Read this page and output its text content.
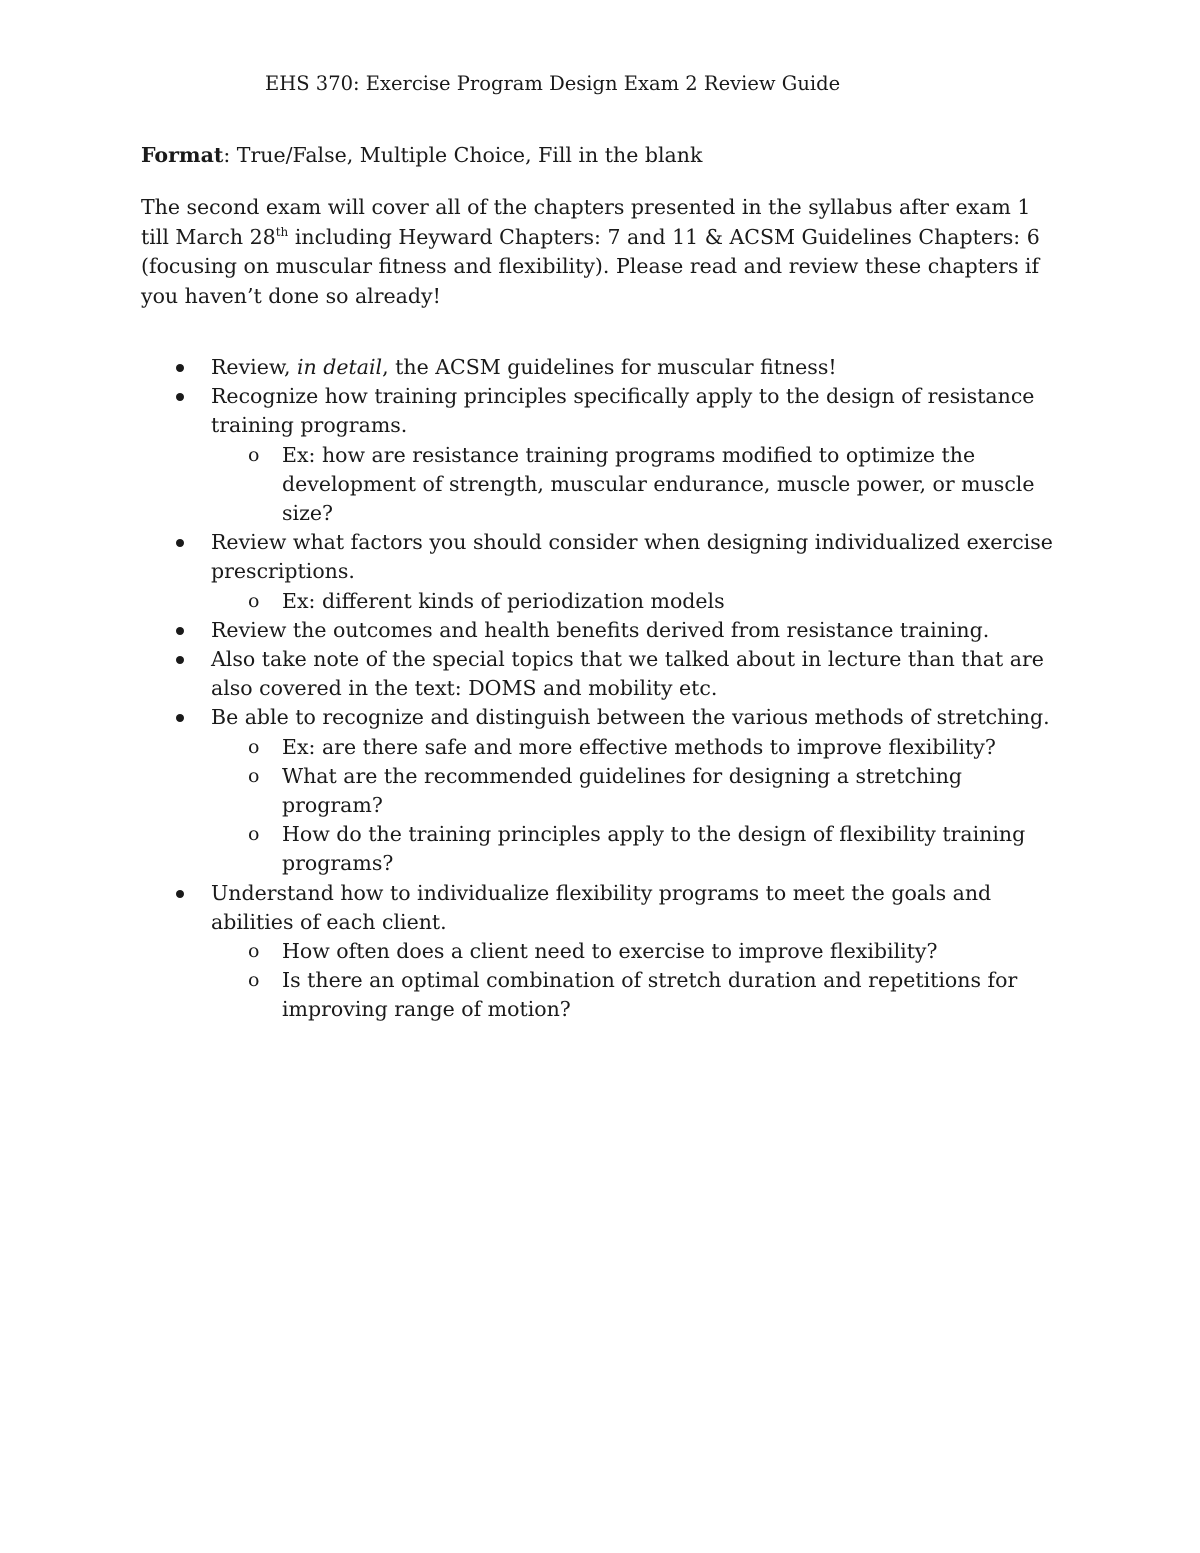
EHS 370: Exercise Program Design Exam 2 Review Guide
Format: True/False, Multiple Choice, Fill in the blank

The second exam will cover all of the chapters presented in the syllabus after exam 1 till March 28th including Heyward Chapters: 7 and 11 & ACSM Guidelines Chapters: 6 (focusing on muscular fitness and flexibility). Please read and review these chapters if you haven’t done so already!

Review, in detail, the ACSM guidelines for muscular fitness!
Recognize how training principles specifically apply to the design of resistance training programs.
o Ex: how are resistance training programs modified to optimize the development of strength, muscular endurance, muscle power, or muscle size?
Review what factors you should consider when designing individualized exercise prescriptions.
o Ex: different kinds of periodization models
Review the outcomes and health benefits derived from resistance training.
Also take note of the special topics that we talked about in lecture than that are also covered in the text: DOMS and mobility etc.
Be able to recognize and distinguish between the various methods of stretching.
o Ex: are there safe and more effective methods to improve flexibility?
o What are the recommended guidelines for designing a stretching program?
o How do the training principles apply to the design of flexibility training programs?
Understand how to individualize flexibility programs to meet the goals and abilities of each client.
o How often does a client need to exercise to improve flexibility?
o Is there an optimal combination of stretch duration and repetitions for improving range of motion?
